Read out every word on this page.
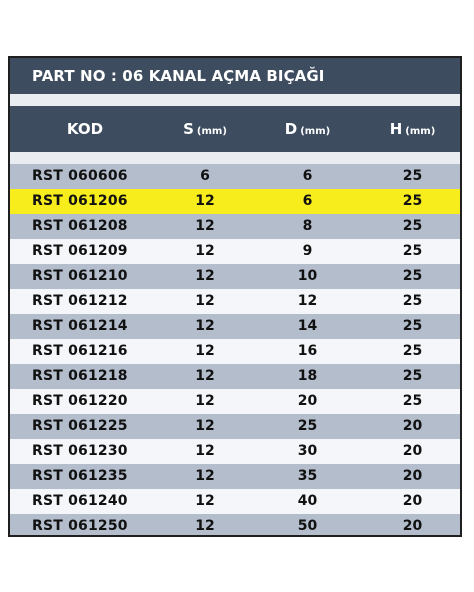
PART NO : 06 KANAL AÇMA BIÇAĞI
KOD	S (mm)	D (mm)	H (mm)
RST 060606	6	6	25
RST 061206	12	6	25
RST 061208	12	8	25
RST 061209	12	9	25
RST 061210	12	10	25
RST 061212	12	12	25
RST 061214	12	14	25
RST 061216	12	16	25
RST 061218	12	18	25
RST 061220	12	20	25
RST 061225	12	25	20
RST 061230	12	30	20
RST 061235	12	35	20
RST 061240	12	40	20
RST 061250	12	50	20
